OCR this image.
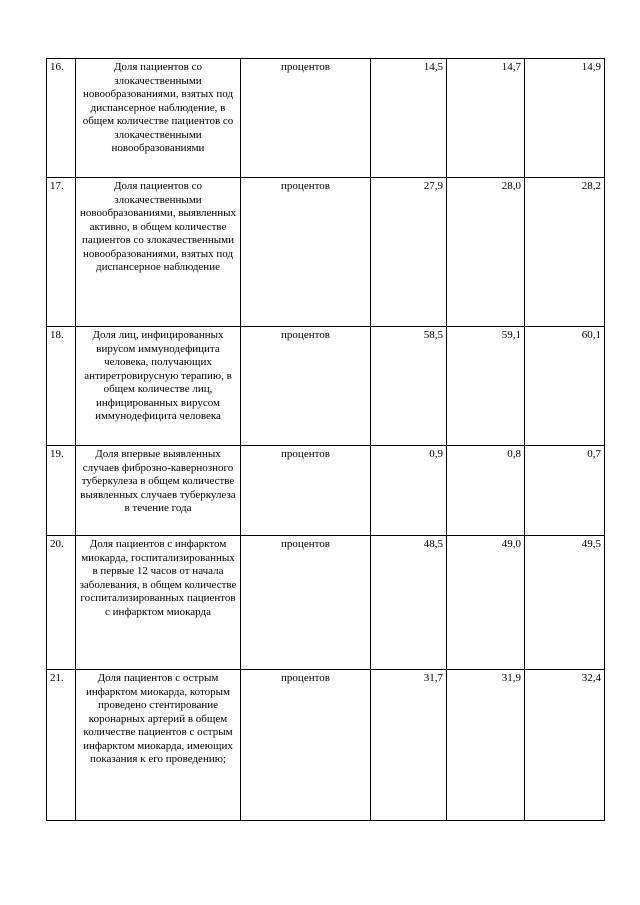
16.	Доля пациентов со злокачественными новообразованиями, взятых под диспансерное наблюдение, в общем количестве пациентов со злокачественными новообразованиями	процентов	14,5	14,7	14,9
17.	Доля пациентов со злокачественными новообразованиями, выявленных активно, в общем количестве пациентов со злокачественными новообразованиями, взятых под диспансерное наблюдение	процентов	27,9	28,0	28,2
18.	Доля лиц, инфицированных вирусом иммунодефицита человека, получающих антиретровирусную терапию, в общем количестве лиц, инфицированных вирусом иммунодефицита человека	процентов	58,5	59,1	60,1
19.	Доля впервые выявленных случаев фиброзно-кавернозного туберкулеза в общем количестве выявленных случаев туберкулеза в течение года	процентов	0,9	0,8	0,7
20.	Доля пациентов с инфарктом миокарда, госпитализированных в первые 12 часов от начала заболевания, в общем количестве госпитализированных пациентов с инфарктом миокарда	процентов	48,5	49,0	49,5
21.	Доля пациентов с острым инфарктом миокарда, которым проведено стентирование коронарных артерий в общем количестве пациентов с острым инфарктом миокарда, имеющих показания к его проведению;	процентов	31,7	31,9	32,4
